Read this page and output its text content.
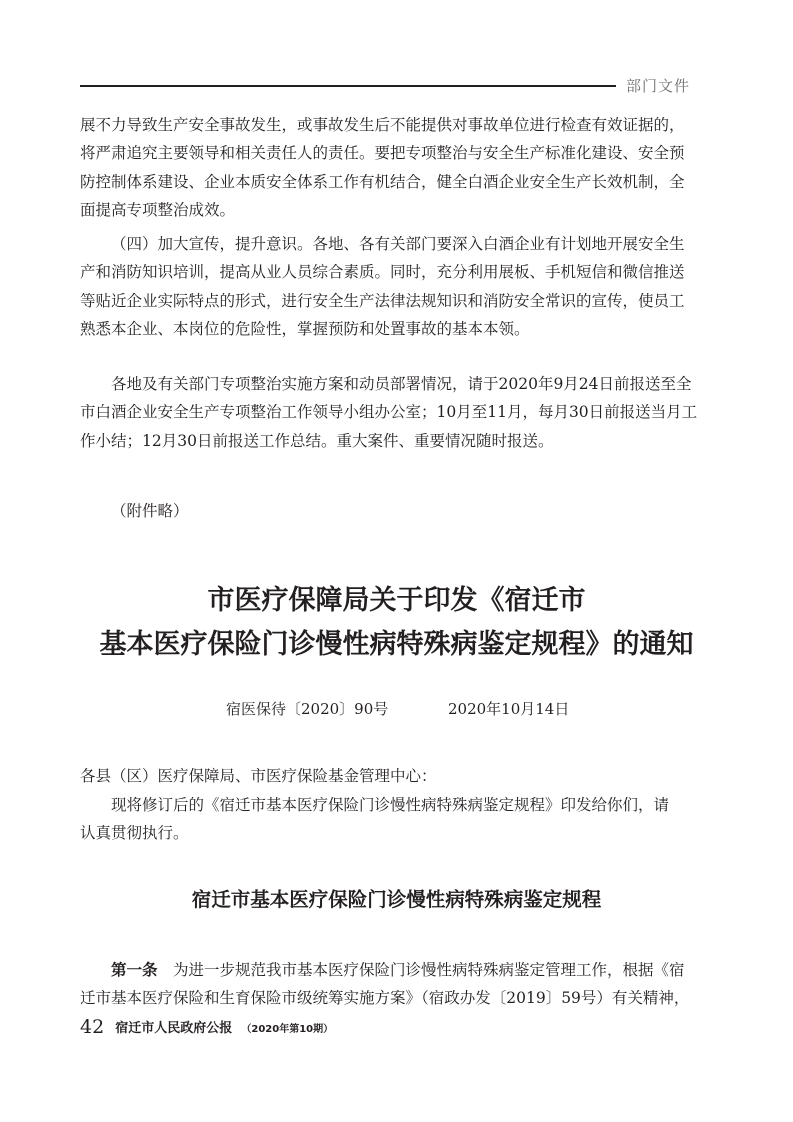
部门文件

展不力导致生产安全事故发生，或事故发生后不能提供对事故单位进行检查有效证据的，
将严肃追究主要领导和相关责任人的责任。要把专项整治与安全生产标准化建设、安全预
防控制体系建设、企业本质安全体系工作有机结合，健全白酒企业安全生产长效机制，全
面提高专项整治成效。

（四）加大宣传，提升意识。各地、各有关部门要深入白酒企业有计划地开展安全生
产和消防知识培训，提高从业人员综合素质。同时，充分利用展板、手机短信和微信推送
等贴近企业实际特点的形式，进行安全生产法律法规知识和消防安全常识的宣传，使员工
熟悉本企业、本岗位的危险性，掌握预防和处置事故的基本本领。

各地及有关部门专项整治实施方案和动员部署情况，请于2020年9月24日前报送至全
市白酒企业安全生产专项整治工作领导小组办公室；10月至11月，每月30日前报送当月工
作小结；12月30日前报送工作总结。重大案件、重要情况随时报送。

（附件略）

市医疗保障局关于印发《宿迁市
基本医疗保险门诊慢性病特殊病鉴定规程》的通知
宿医保待〔2020〕90号	2020年10月14日

各县（区）医疗保障局、市医疗保险基金管理中心：

现将修订后的《宿迁市基本医疗保险门诊慢性病特殊病鉴定规程》印发给你们，请
认真贯彻执行。

宿迁市基本医疗保险门诊慢性病特殊病鉴定规程

第一条  为进一步规范我市基本医疗保险门诊慢性病特殊病鉴定管理工作，根据《宿
迁市基本医疗保险和生育保险市级统筹实施方案》（宿政办发〔2019〕59号）有关精神，

42 宿迁市人民政府公报 （2020年第10期）
